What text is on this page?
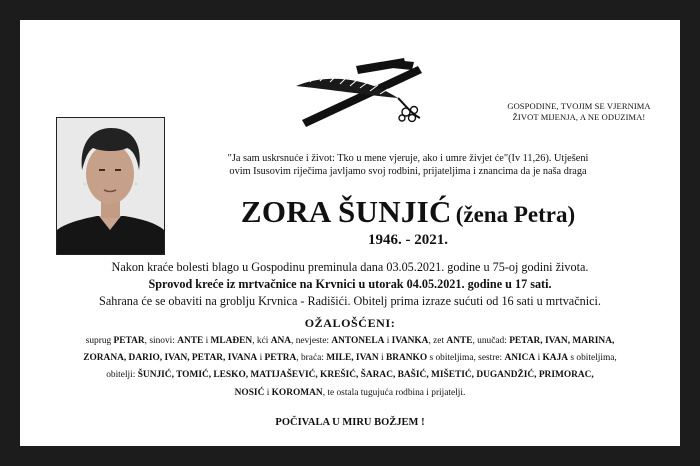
GOSPODINE, TVOJIM SE VJERNIMA
ŽIVOT MIJENJA, A NE ODUZIMA!
"Ja sam uskrsnuće i život: Tko u mene vjeruje, ako i umre živjet će"(Iv 11,26). Utješeni
ovim Isusovim riječima javljamo svoj rodbini, prijateljima i znancima da je naša draga
ZORA ŠUNJIĆ (žena Petra)
1946. - 2021.
Nakon kraće bolesti blago u Gospodinu preminula dana 03.05.2021. godine u 75-oj godini života.
Sprovod kreće iz mrtvačnice na Krvnici u utorak 04.05.2021. godine u 17 sati.
Sahrana će se obaviti na groblju Krvnica - Radišići. Obitelj prima izraze sućuti od 16 sati u mrtvačnici.
OŽALOŠĆENI:
suprug PETAR, sinovi: ANTE i MLAĐEN, kći ANA, nevjeste: ANTONELA i IVANKA, zet ANTE, unučad: PETAR, IVAN, MARINA,
ZORANA, DARIO, IVAN, PETAR, IVANA i PETRA, braća: MILE, IVAN i BRANKO s obiteljima, sestre: ANICA i KAJA s obiteljima,
obitelji: ŠUNJIĆ, TOMIĆ, LESKO, MATIJAŠEVIĆ, KREŠIĆ, ŠARAC, BAŠIĆ, MIŠETIĆ, DUGANDŽIĆ, PRIMORAC,
NOSIĆ i KOROMAN, te ostala tugujuća rodbina i prijatelji.
POČIVALA U MIRU BOŽJEM !
